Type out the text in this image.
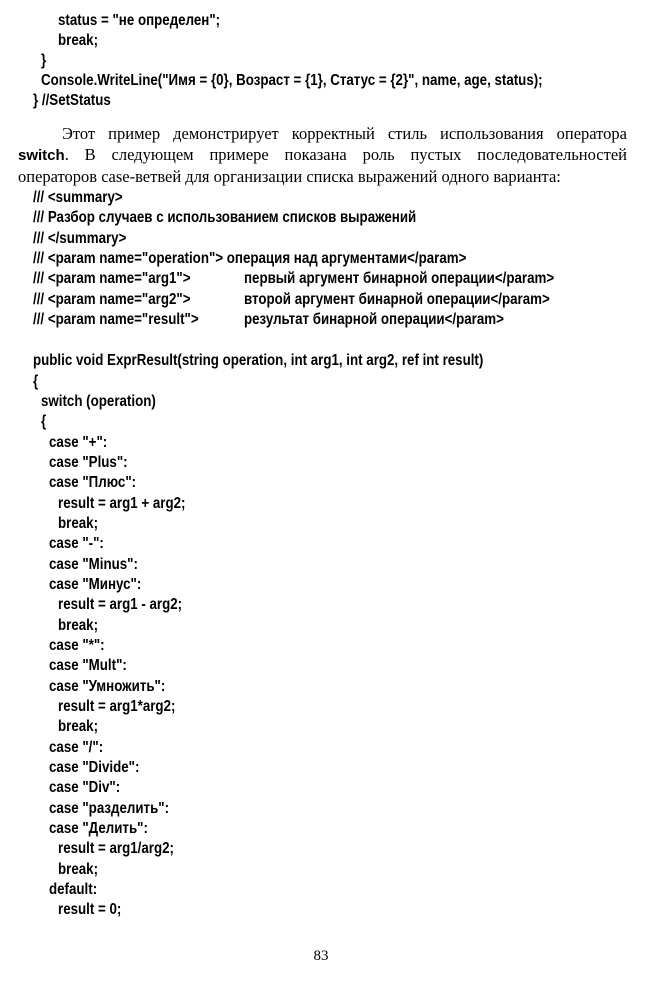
status = "не определен";
break;
}
Console.WriteLine("Имя = {0}, Возраст = {1}, Статус = {2}", name, age, status);
} //SetStatus
Этот пример демонстрирует корректный стиль использования оператора switch. В следующем примере показана роль пустых последовательностей операторов case-ветвей для организации списка выражений одного варианта:
/// <summary>
/// Разбор случаев с использованием списков выражений
/// </summary>
/// <param name="operation"> операция над аргументами</param>
/// <param name="arg1">	первый аргумент бинарной операции</param>
/// <param name="arg2">	второй аргумент бинарной операции</param>
/// <param name="result">	результат бинарной операции</param>
public void ExprResult(string operation, int arg1, int arg2, ref int result)
{
switch (operation)
{
case "+":
case "Plus":
case "Плюс":
result = arg1 + arg2;
break;
case "-":
case "Minus":
case "Минус":
result = arg1 - arg2;
break;
case "*":
case "Mult":
case "Умножить":
result = arg1*arg2;
break;
case "/":
case "Divide":
case "Div":
case "разделить":
case "Делить":
result = arg1/arg2;
break;
default:
result = 0;
83
